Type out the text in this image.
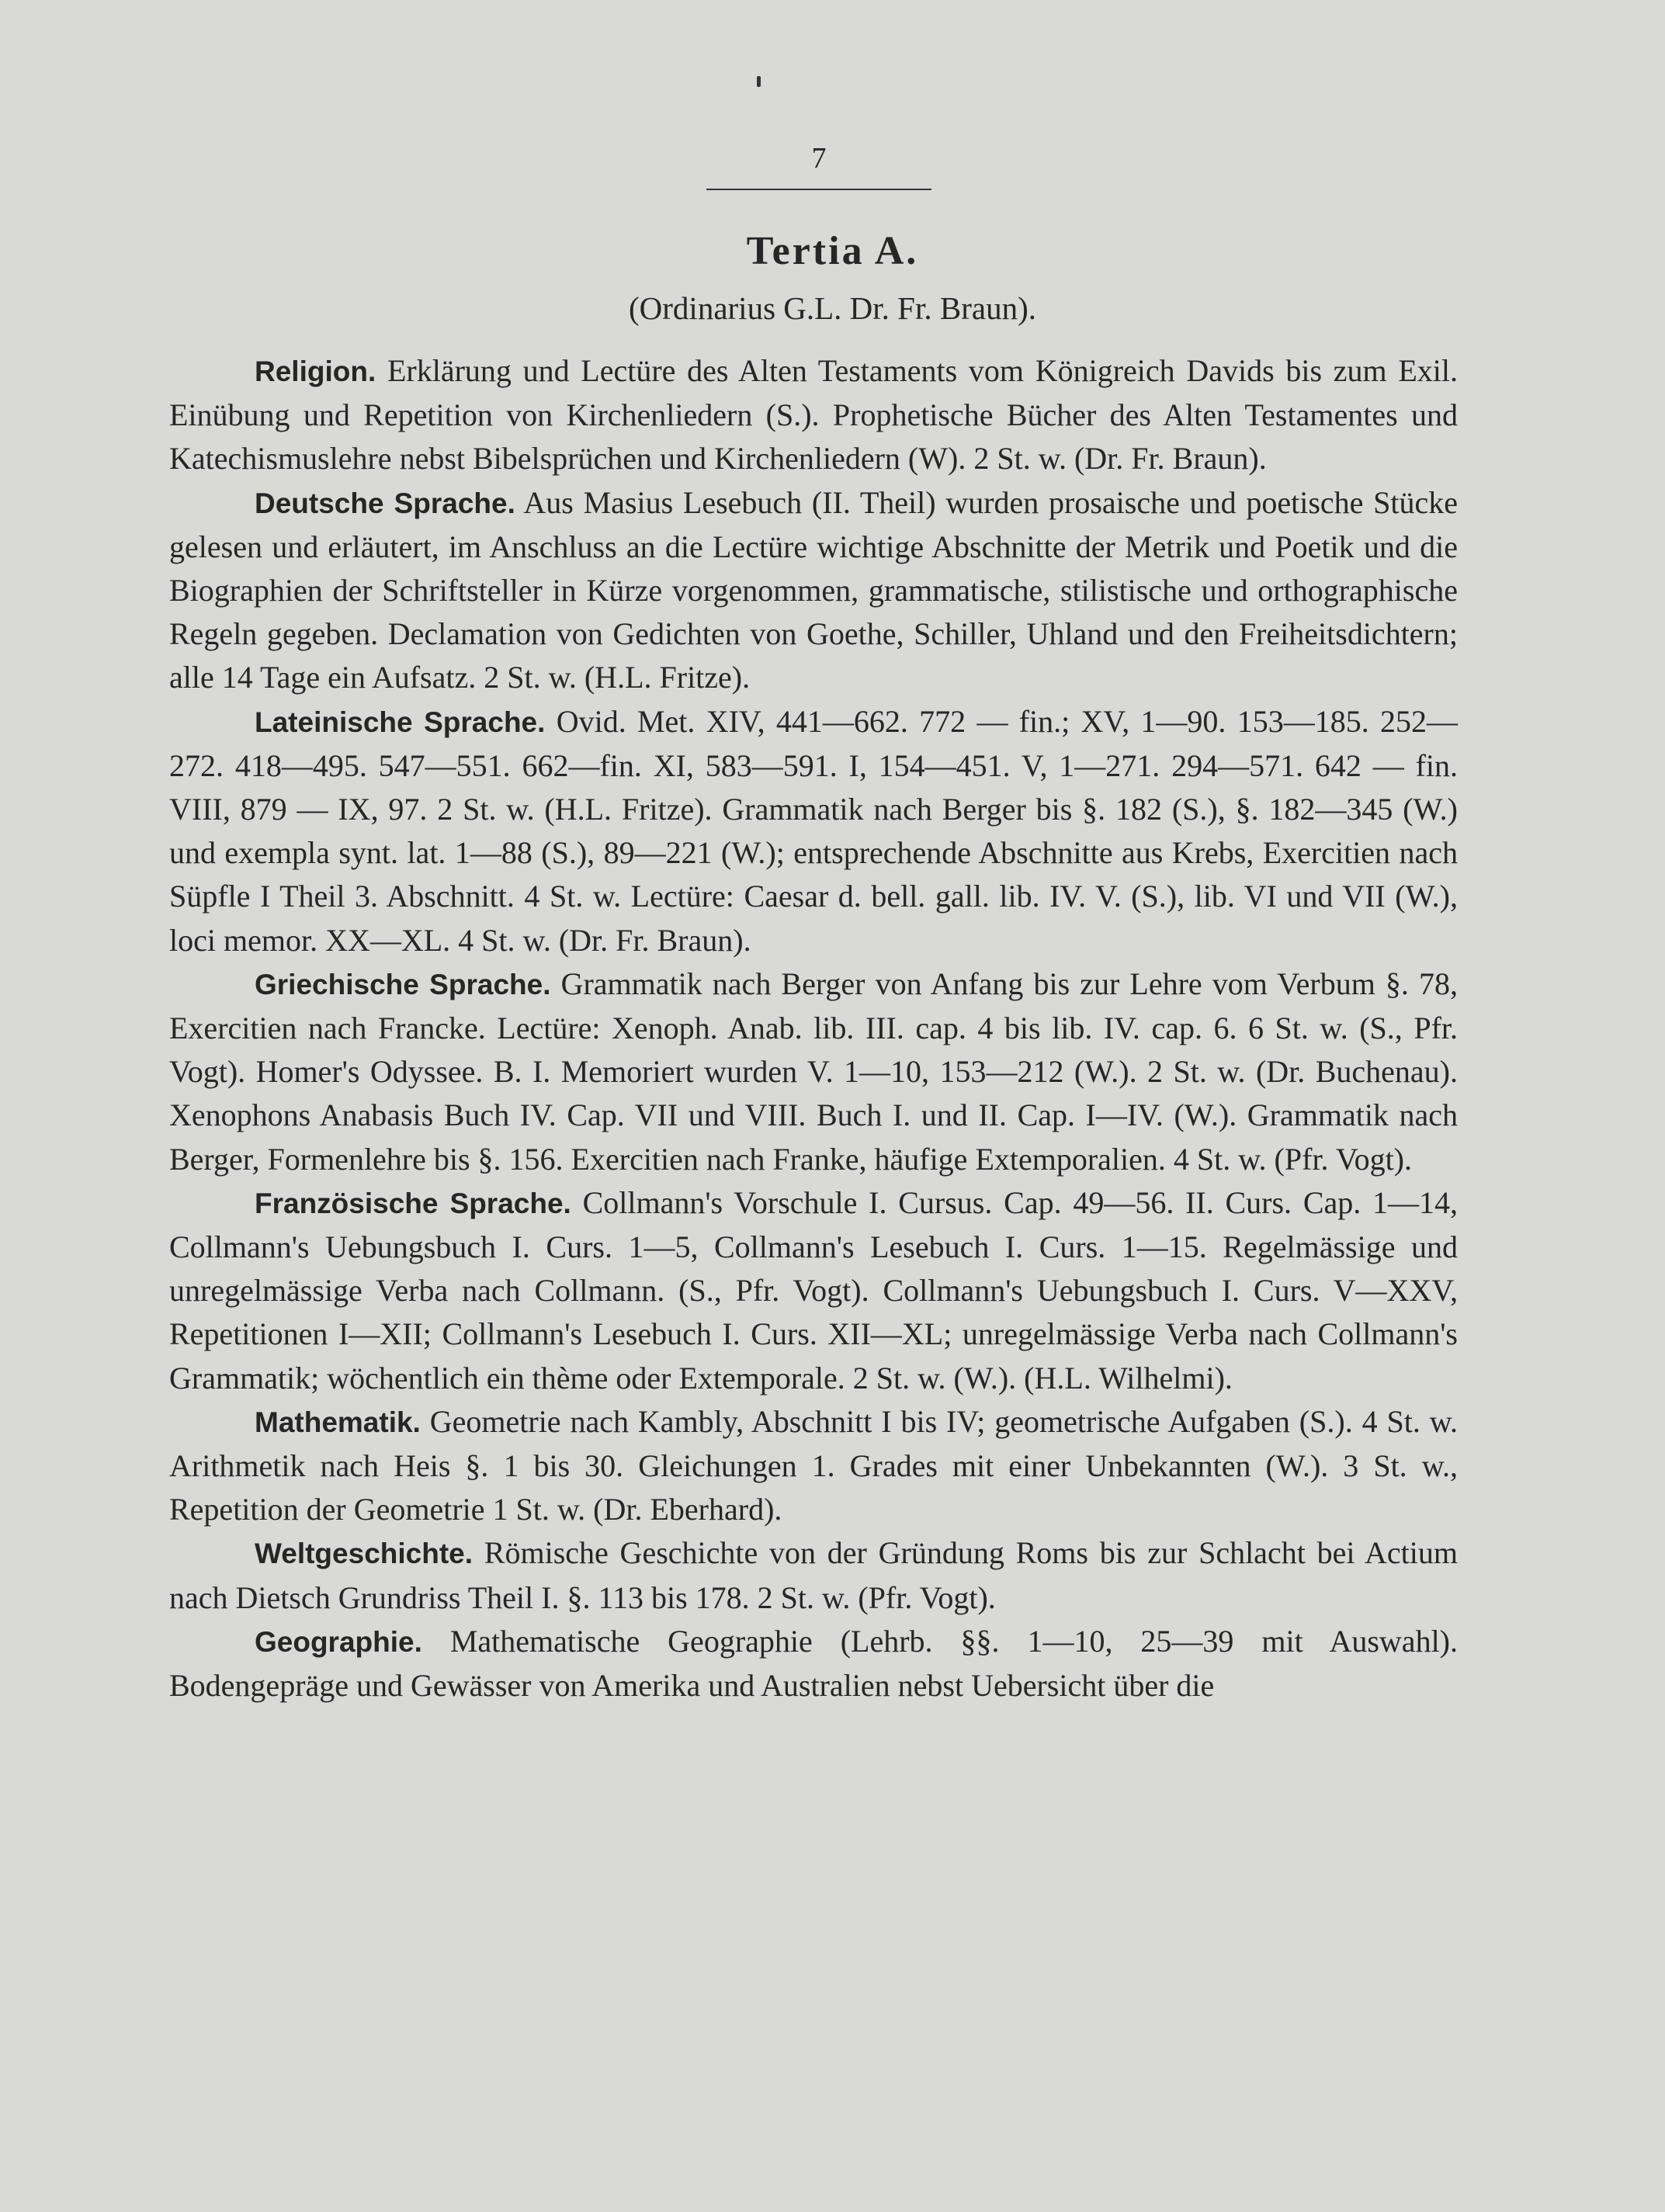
7
Tertia A.
(Ordinarius G.L. Dr. Fr. Braun).

Religion. Erklärung und Lectüre des Alten Testaments vom Königreich Davids bis zum Exil. Einübung und Repetition von Kirchenliedern (S.). Prophetische Bücher des Alten Testamentes und Katechismuslehre nebst Bibelsprüchen und Kirchenliedern (W). 2 St. w. (Dr. Fr. Braun).

Deutsche Sprache. Aus Masius Lesebuch (II. Theil) wurden prosaische und poetische Stücke gelesen und erläutert, im Anschluss an die Lectüre wichtige Abschnitte der Metrik und Poetik und die Biographien der Schriftsteller in Kürze vorgenommen, grammatische, stilistische und orthographische Regeln gegeben. Declamation von Gedichten von Goethe, Schiller, Uhland und den Freiheitsdichtern; alle 14 Tage ein Aufsatz. 2 St. w. (H.L. Fritze).

Lateinische Sprache. Ovid. Met. XIV, 441—662. 772 — fin.; XV, 1—90. 153—185. 252—272. 418—495. 547—551. 662—fin. XI, 583—591. I, 154—451. V, 1—271. 294—571. 642 — fin. VIII, 879 — IX, 97. 2 St. w. (H.L. Fritze). Grammatik nach Berger bis §. 182 (S.), §. 182—345 (W.) und exempla synt. lat. 1—88 (S.), 89—221 (W.); entsprechende Abschnitte aus Krebs, Exercitien nach Süpfle I Theil 3. Abschnitt. 4 St. w. Lectüre: Caesar d. bell. gall. lib. IV. V. (S.), lib. VI und VII (W.), loci memor. XX—XL. 4 St. w. (Dr. Fr. Braun).

Griechische Sprache. Grammatik nach Berger von Anfang bis zur Lehre vom Verbum §. 78, Exercitien nach Francke. Lectüre: Xenoph. Anab. lib. III. cap. 4 bis lib. IV. cap. 6. 6 St. w. (S., Pfr. Vogt). Homer's Odyssee. B. I. Memoriert wurden V. 1—10, 153—212 (W.). 2 St. w. (Dr. Buchenau). Xenophons Anabasis Buch IV. Cap. VII und VIII. Buch I. und II. Cap. I—IV. (W.). Grammatik nach Berger, Formenlehre bis §. 156. Exercitien nach Franke, häufige Extemporalien. 4 St. w. (Pfr. Vogt).

Französische Sprache. Collmann's Vorschule I. Cursus. Cap. 49—56. II. Curs. Cap. 1—14, Collmann's Uebungsbuch I. Curs. 1—5, Collmann's Lesebuch I. Curs. 1—15. Regelmässige und unregelmässige Verba nach Collmann. (S., Pfr. Vogt). Collmann's Uebungsbuch I. Curs. V—XXV, Repetitionen I—XII; Collmann's Lesebuch I. Curs. XII—XL; unregelmässige Verba nach Collmann's Grammatik; wöchentlich ein thème oder Extemporale. 2 St. w. (W.). (H.L. Wilhelmi).

Mathematik. Geometrie nach Kambly, Abschnitt I bis IV; geometrische Aufgaben (S.). 4 St. w. Arithmetik nach Heis §. 1 bis 30. Gleichungen 1. Grades mit einer Unbekannten (W.). 3 St. w., Repetition der Geometrie 1 St. w. (Dr. Eberhard).

Weltgeschichte. Römische Geschichte von der Gründung Roms bis zur Schlacht bei Actium nach Dietsch Grundriss Theil I. §. 113 bis 178. 2 St. w. (Pfr. Vogt).

Geographie. Mathematische Geographie (Lehrb. §§. 1—10, 25—39 mit Auswahl). Bodengepräge und Gewässer von Amerika und Australien nebst Uebersicht über die
